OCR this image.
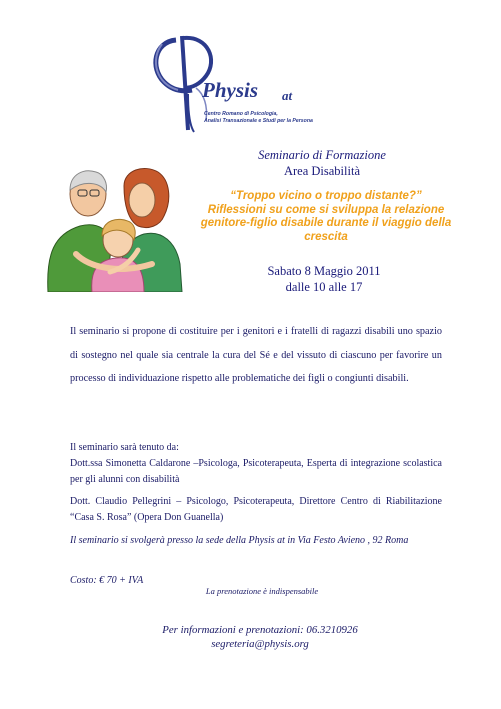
Physis at
Centro Romano di Psicologia,
Analisi Transazionale e Studi per la Persona
Seminario di Formazione
Area Disabilità
“Troppo vicino o troppo distante?”
Riflessioni su come si sviluppa la relazione
genitore-figlio disabile durante il viaggio della
crescita
Sabato 8 Maggio 2011
dalle 10 alle 17
Il seminario si propone di costituire per i genitori e i fratelli di ragazzi disabili uno spazio di sostegno nel quale sia centrale la cura del Sé e del vissuto di ciascuno per favorire un processo di individuazione rispetto alle problematiche dei figli o congiunti disabili.
Il seminario sarà tenuto da:
Dott.ssa Simonetta Caldarone –Psicologa, Psicoterapeuta, Esperta di integrazione scolastica per gli alunni con disabilità
Dott. Claudio Pellegrini – Psicologo, Psicoterapeuta, Direttore Centro di Riabilitazione “Casa S. Rosa” (Opera Don Guanella)
Il seminario si svolgerà presso la sede della Physis at in Via Festo Avieno , 92 Roma
Costo: € 70 + IVA
La prenotazione è indispensabile
Per informazioni e prenotazioni: 06.3210926
segreteria@physis.org
